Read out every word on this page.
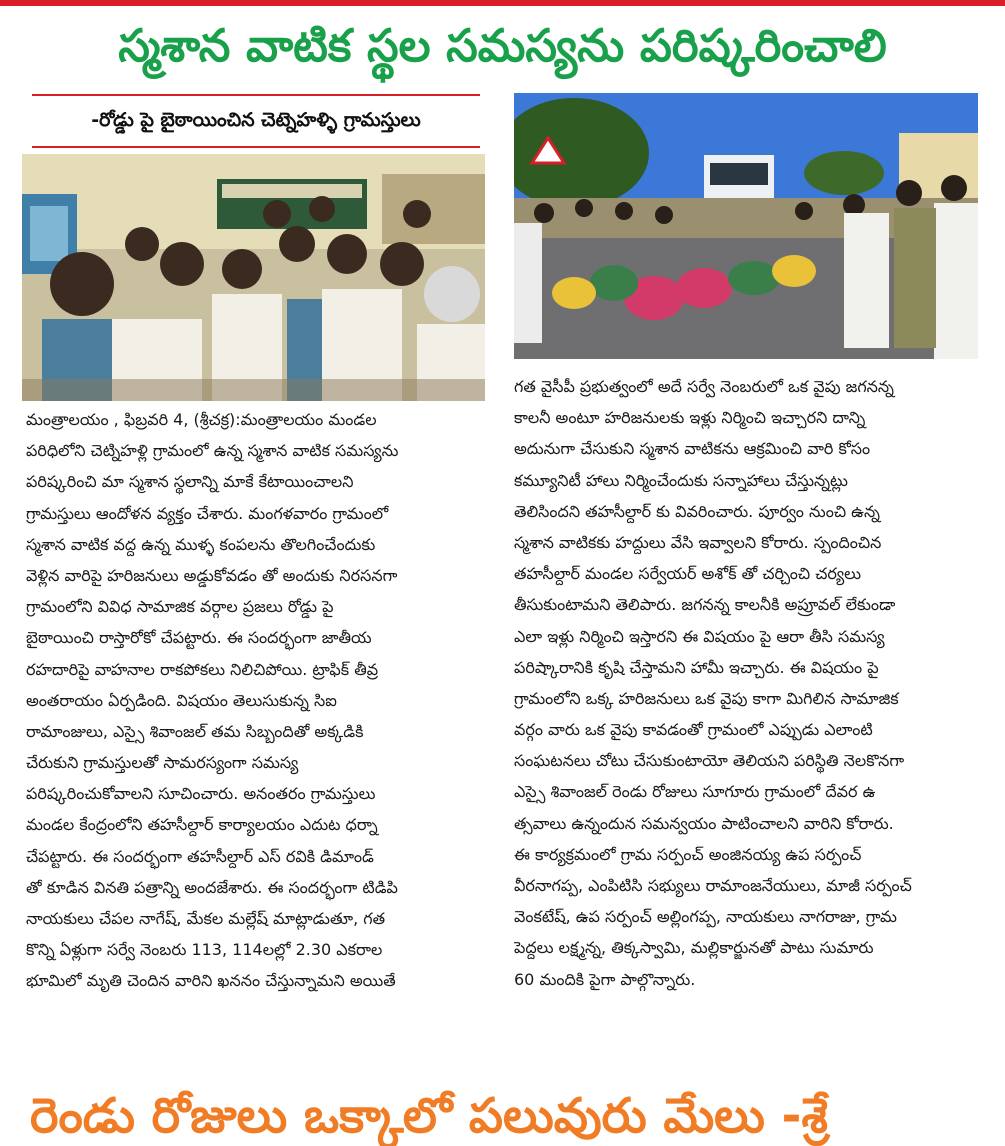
స్మశాన వాటిక స్థల సమస్యను పరిష్కరించాలి
-రోడ్డు పై బైఠాయించిన చెట్నెహళ్ళి గ్రామస్తులు
మంత్రాలయం , ఫిబ్రవరి 4, (శ్రీచక్ర):మంత్రాలయం మండల
పరిధిలోని చెట్నిహళ్లి గ్రామంలో ఉన్న స్మశాన వాటిక సమస్యను
పరిష్కరించి మా స్మశాన స్థలాన్ని మాకే కేటాయించాలని
గ్రామస్తులు ఆందోళన వ్యక్తం చేశారు. మంగళవారం గ్రామంలో
స్మశాన వాటిక వద్ద ఉన్న ముళ్ళ కంపలను తొలగించేందుకు
వెళ్లిన వారిపై హరిజనులు అడ్డుకోవడం తో అందుకు నిరసనగా
గ్రామంలోని వివిధ సామాజిక వర్గాల ప్రజలు రోడ్డు పై
బైఠాయించి రాస్తారోకో చేపట్టారు. ఈ సందర్భంగా జాతీయ
రహదారిపై వాహనాల రాకపోకలు నిలిచిపోయి. ట్రాఫిక్ తీవ్ర
అంతరాయం ఏర్పడింది. విషయం తెలుసుకున్న సిఐ
రామాంజులు, ఎస్సై శివాంజల్ తమ సిబ్బందితో అక్కడికి
చేరుకుని గ్రామస్తులతో సామరస్యంగా సమస్య
పరిష్కరించుకోవాలని సూచించారు. అనంతరం గ్రామస్తులు
మండల కేంద్రంలోని తహసీల్దార్ కార్యాలయం ఎదుట ధర్నా
చేపట్టారు. ఈ సందర్భంగా తహసీల్దార్ ఎస్ రవికి డిమాండ్
తో కూడిన వినతి పత్రాన్ని అందజేశారు. ఈ సందర్భంగా టిడిపి
నాయకులు చేపల నాగేష్, మేకల మల్లేష్ మాట్లాడుతూ, గత
కొన్ని ఏళ్లుగా సర్వే నెంబరు 113, 114లల్లో 2.30 ఎకరాల
భూమిలో మృతి చెందిన వారిని ఖననం చేస్తున్నామని అయితే
గత వైసీపీ ప్రభుత్వంలో అదే సర్వే నెంబరులో ఒక వైపు జగనన్న
కాలనీ అంటూ హరిజనులకు ఇళ్లు నిర్మించి ఇచ్చారని దాన్ని
అదునుగా చేసుకుని స్మశాన వాటికను ఆక్రమించి వారి కోసం
కమ్యూనిటీ హాలు నిర్మించేందుకు సన్నాహాలు చేస్తున్నట్లు
తెలిసిందని తహసీల్దార్ కు వివరించారు. పూర్వం నుంచి ఉన్న
స్మశాన వాటికకు హద్దులు వేసి ఇవ్వాలని కోరారు. స్పందించిన
తహసీల్దార్ మండల సర్వేయర్ అశోక్ తో చర్చించి చర్యలు
తీసుకుంటామని తెలిపారు. జగనన్న కాలనీకి అప్రూవల్ లేకుండా
ఎలా ఇళ్లు నిర్మించి ఇస్తారని ఈ విషయం పై ఆరా తీసి సమస్య
పరిష్కారానికి కృషి చేస్తామని హామీ ఇచ్చారు. ఈ విషయం పై
గ్రామంలోని ఒక్క హరిజనులు ఒక వైపు కాగా మిగిలిన సామాజిక
వర్గం వారు ఒక వైపు కావడంతో గ్రామంలో ఎప్పుడు ఎలాంటి
సంఘటనలు చోటు చేసుకుంటాయో తెలియని పరిస్థితి నెలకొనగా
ఎస్సై శివాంజల్ రెండు రోజులు సూగూరు గ్రామంలో దేవర ఉ
త్సవాలు ఉన్నందున సమన్వయం పాటించాలని వారిని కోరారు.
ఈ కార్యక్రమంలో గ్రామ సర్పంచ్ అంజినయ్య ఉప సర్పంచ్
వీరనాగప్ప, ఎంపిటిసి సభ్యులు రామాంజనేయులు, మాజీ సర్పంచ్
వెంకటేష్, ఉప సర్పంచ్ అల్లింగప్ప, నాయకులు నాగరాజు, గ్రామ
పెద్దలు లక్ష్మన్న, తిక్కస్వామి, మల్లికార్జునతో పాటు సుమారు
60 మందికి పైగా పాల్గొన్నారు.
రెండు రోజులు ఒక్కాలో పలువురు మేలు -శ్రే
